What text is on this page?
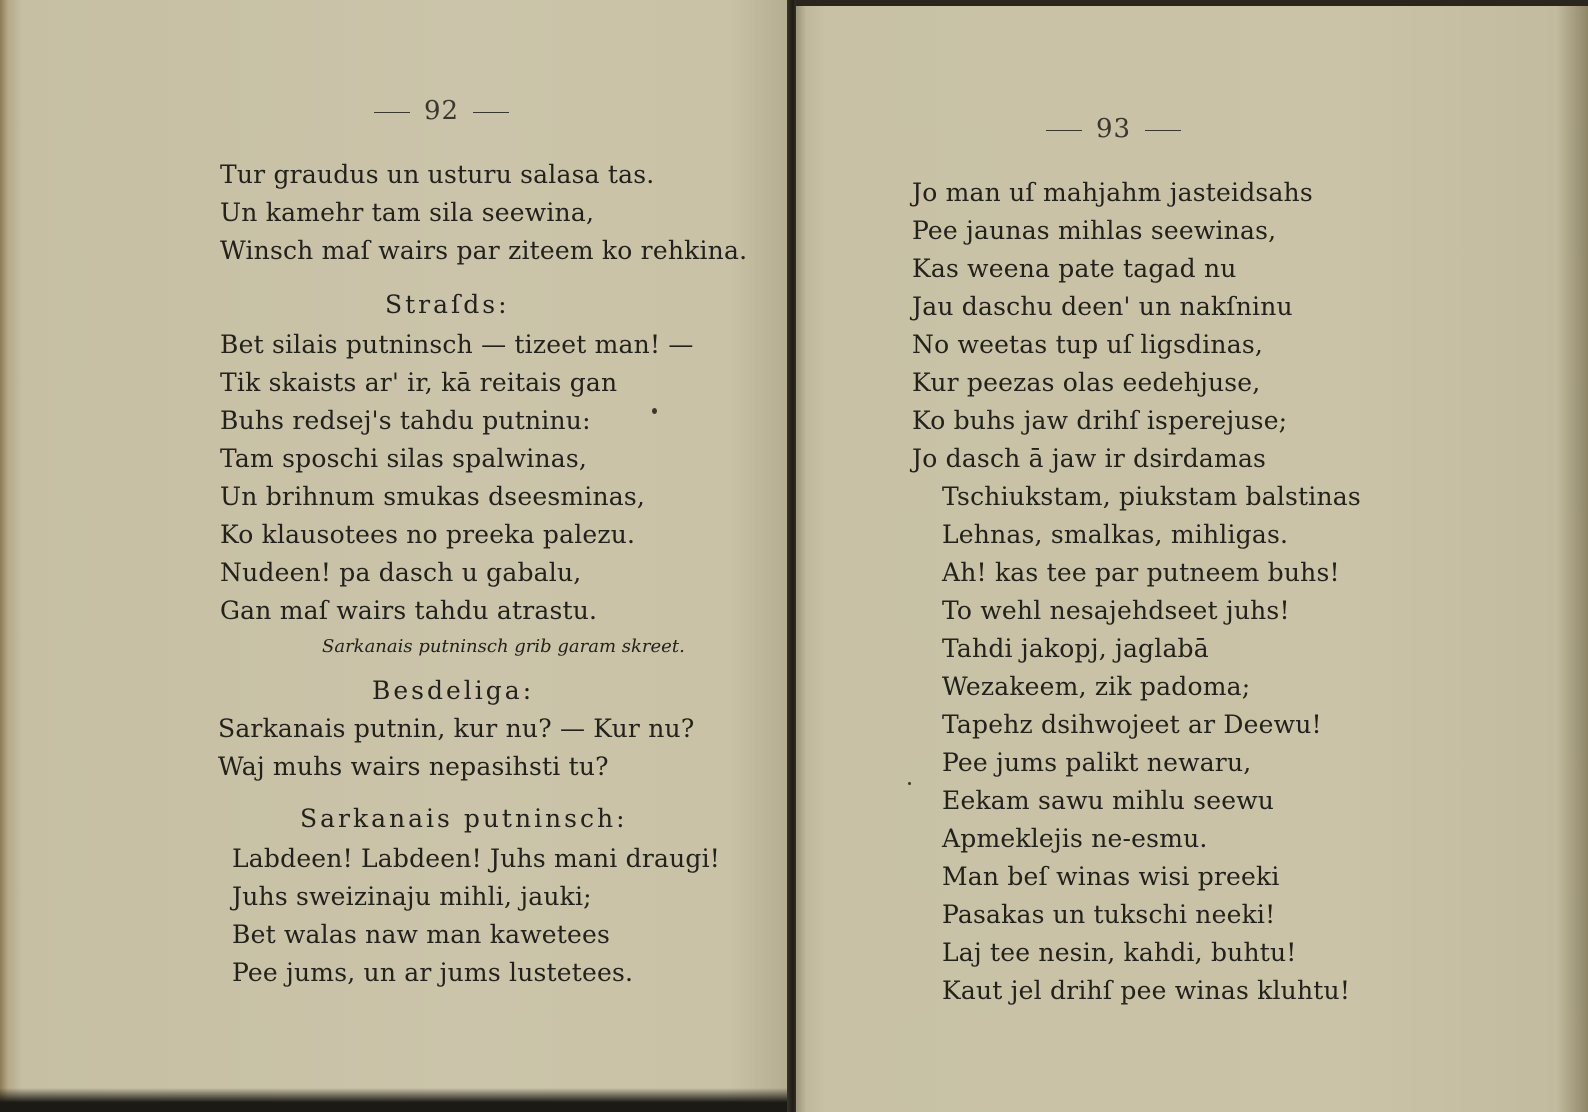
92
Tur graudus un usturu salasa tas.
Un kamehr tam sila seewina,
Winsch maſ wairs par ziteem ko rehkina.
Straſds:
Bet silais putninsch — tizeet man! —
Tik skaists ar' ir, kā reitais gan
Buhs redsej's tahdu putninu:
Tam sposchi silas spalwinas,
Un brihnum smukas dseesminas,
Ko klausotees no preeka palezu.
Nudeen! pa dasch u gabalu,
Gan maſ wairs tahdu atrastu.
Sarkanais putninsch grib garam skreet.
Besdeliga:
Sarkanais putnin, kur nu? — Kur nu?
Waj muhs wairs nepasihsti tu?
Sarkanais putninsch:
Labdeen! Labdeen! Juhs mani draugi!
Juhs sweizinaju mihli, jauki;
Bet walas naw man kawetees
Pee jums, un ar jums lustetees.
93
Jo man uſ mahjahm jasteidsahs
Pee jaunas mihlas seewinas,
Kas weena pate tagad nu
Jau daschu deen' un nakſninu
No weetas tup uſ ligsdinas,
Kur peezas olas eedehjuse,
Ko buhs jaw drihſ isperejuse;
Jo dasch ā jaw ir dsirdamas
Tschiukstam, piukstam balstinas
Lehnas, smalkas, mihligas.
Ah! kas tee par putneem buhs!
To wehl nesajehdseet juhs!
Tahdi jakopj, jaglabā
Wezakeem, zik padoma;
Tapehz dsihwojeet ar Deewu!
Pee jums palikt newaru,
Eekam sawu mihlu seewu
Apmeklejis ne-esmu.
Man beſ winas wisi preeki
Pasakas un tukschi neeki!
Laj tee nesin, kahdi, buhtu!
Kaut jel drihſ pee winas kluhtu!
